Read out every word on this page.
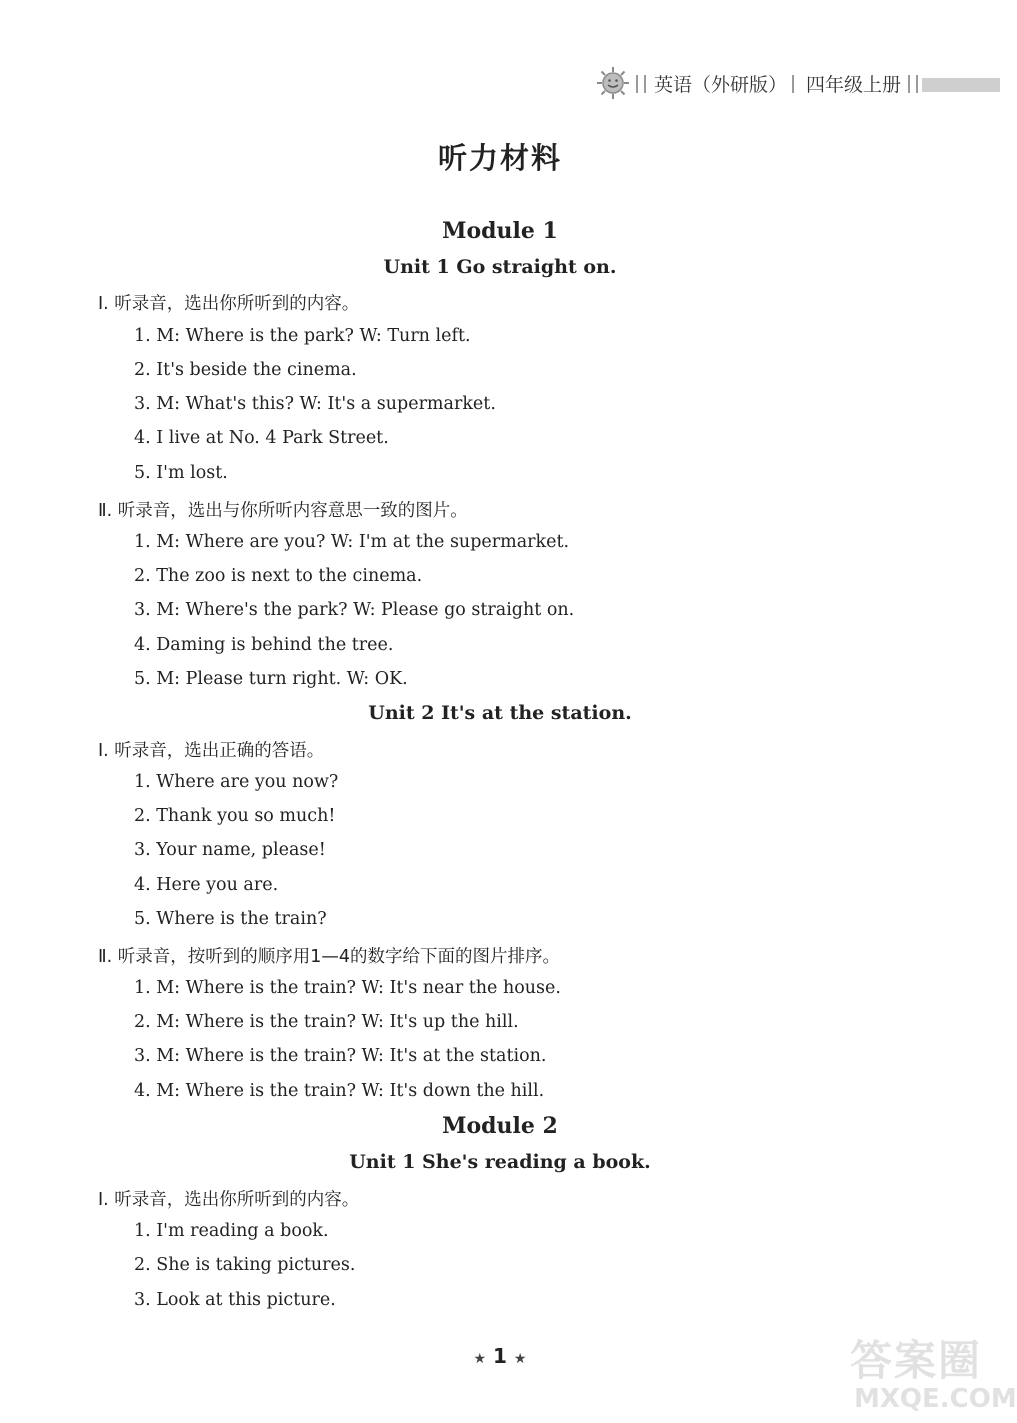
英语（外研版） 四年级上册
听力材料
Module 1
Unit 1 Go straight on.
Ⅰ. 听录音，选出你所听到的内容。
1. M: Where is the park? W: Turn left.
2. It's beside the cinema.
3. M: What's this? W: It's a supermarket.
4. I live at No. 4 Park Street.
5. I'm lost.
Ⅱ. 听录音，选出与你所听内容意思一致的图片。
1. M: Where are you? W: I'm at the supermarket.
2. The zoo is next to the cinema.
3. M: Where's the park? W: Please go straight on.
4. Daming is behind the tree.
5. M: Please turn right. W: OK.
Unit 2 It's at the station.
Ⅰ. 听录音，选出正确的答语。
1. Where are you now?
2. Thank you so much!
3. Your name, please!
4. Here you are.
5. Where is the train?
Ⅱ. 听录音，按听到的顺序用1—4的数字给下面的图片排序。
1. M: Where is the train? W: It's near the house.
2. M: Where is the train? W: It's up the hill.
3. M: Where is the train? W: It's at the station.
4. M: Where is the train? W: It's down the hill.
Module 2
Unit 1 She's reading a book.
Ⅰ. 听录音，选出你所听到的内容。
1. I'm reading a book.
2. She is taking pictures.
3. Look at this picture.
★ 1 ★	答案圈
MXQE.COM
